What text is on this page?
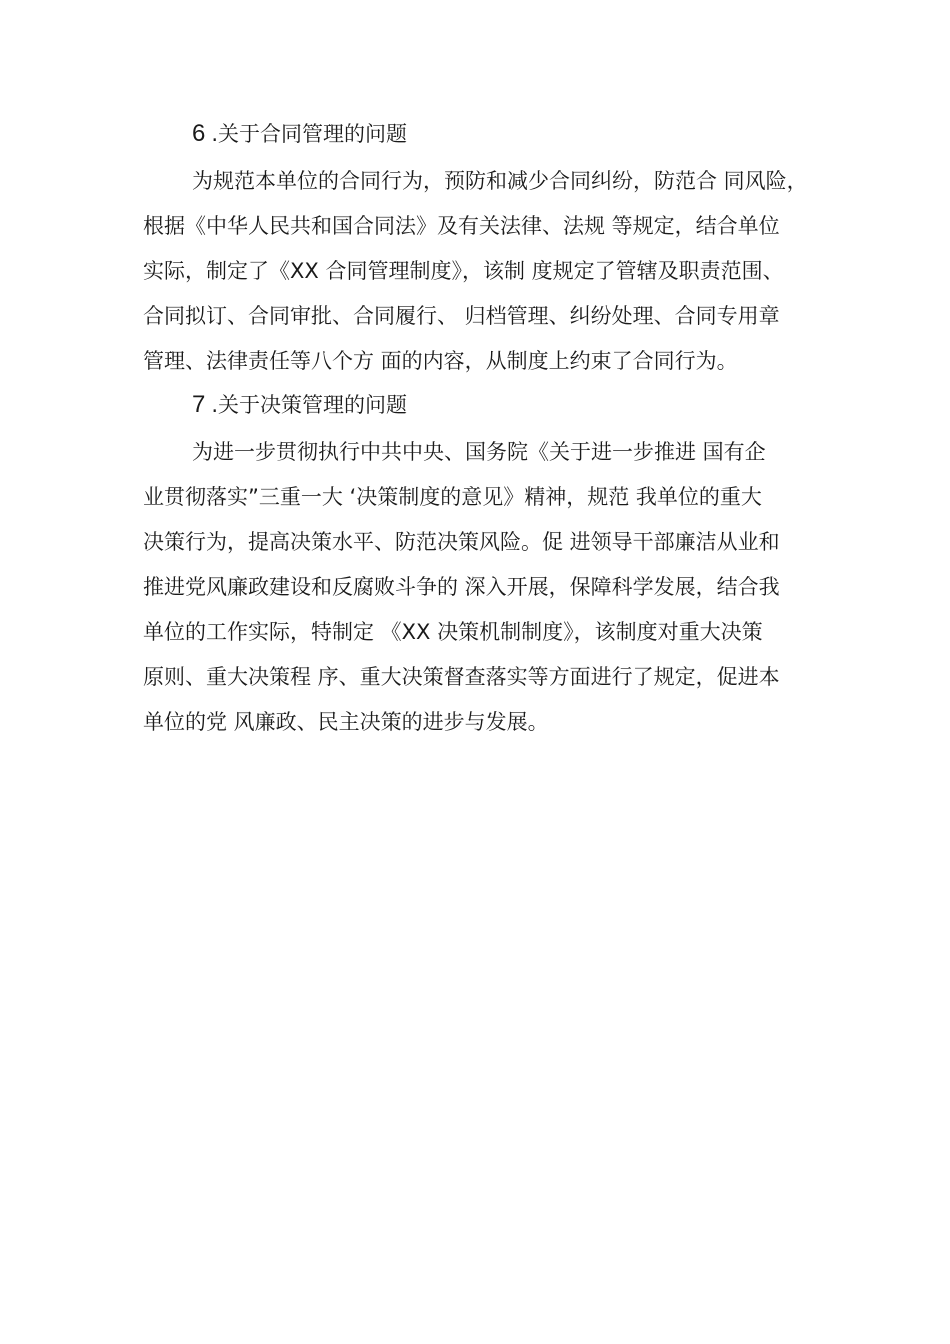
6 .关于合同管理的问题
为规范本单位的合同行为，预防和减少合同纠纷，防范合 同风险，
根据《中华人民共和国合同法》及有关法律、法规 等规定，结合单位
实际，制定了《XX 合同管理制度》，该制 度规定了管辖及职责范围、
合同拟订、合同审批、合同履行、 归档管理、纠纷处理、合同专用章
管理、法律责任等八个方 面的内容，从制度上约束了合同行为。
7 .关于决策管理的问题
为进一步贯彻执行中共中央、国务院《关于进一步推进 国有企
业贯彻落实”三重一大 ‘决策制度的意见》精神，规范 我单位的重大
决策行为，提高决策水平、防范决策风险。促 进领导干部廉洁从业和
推进党风廉政建设和反腐败斗争的 深入开展，保障科学发展，结合我
单位的工作实际，特制定 《XX 决策机制制度》，该制度对重大决策
原则、重大决策程 序、重大决策督查落实等方面进行了规定，促进本
单位的党 风廉政、民主决策的进步与发展。
